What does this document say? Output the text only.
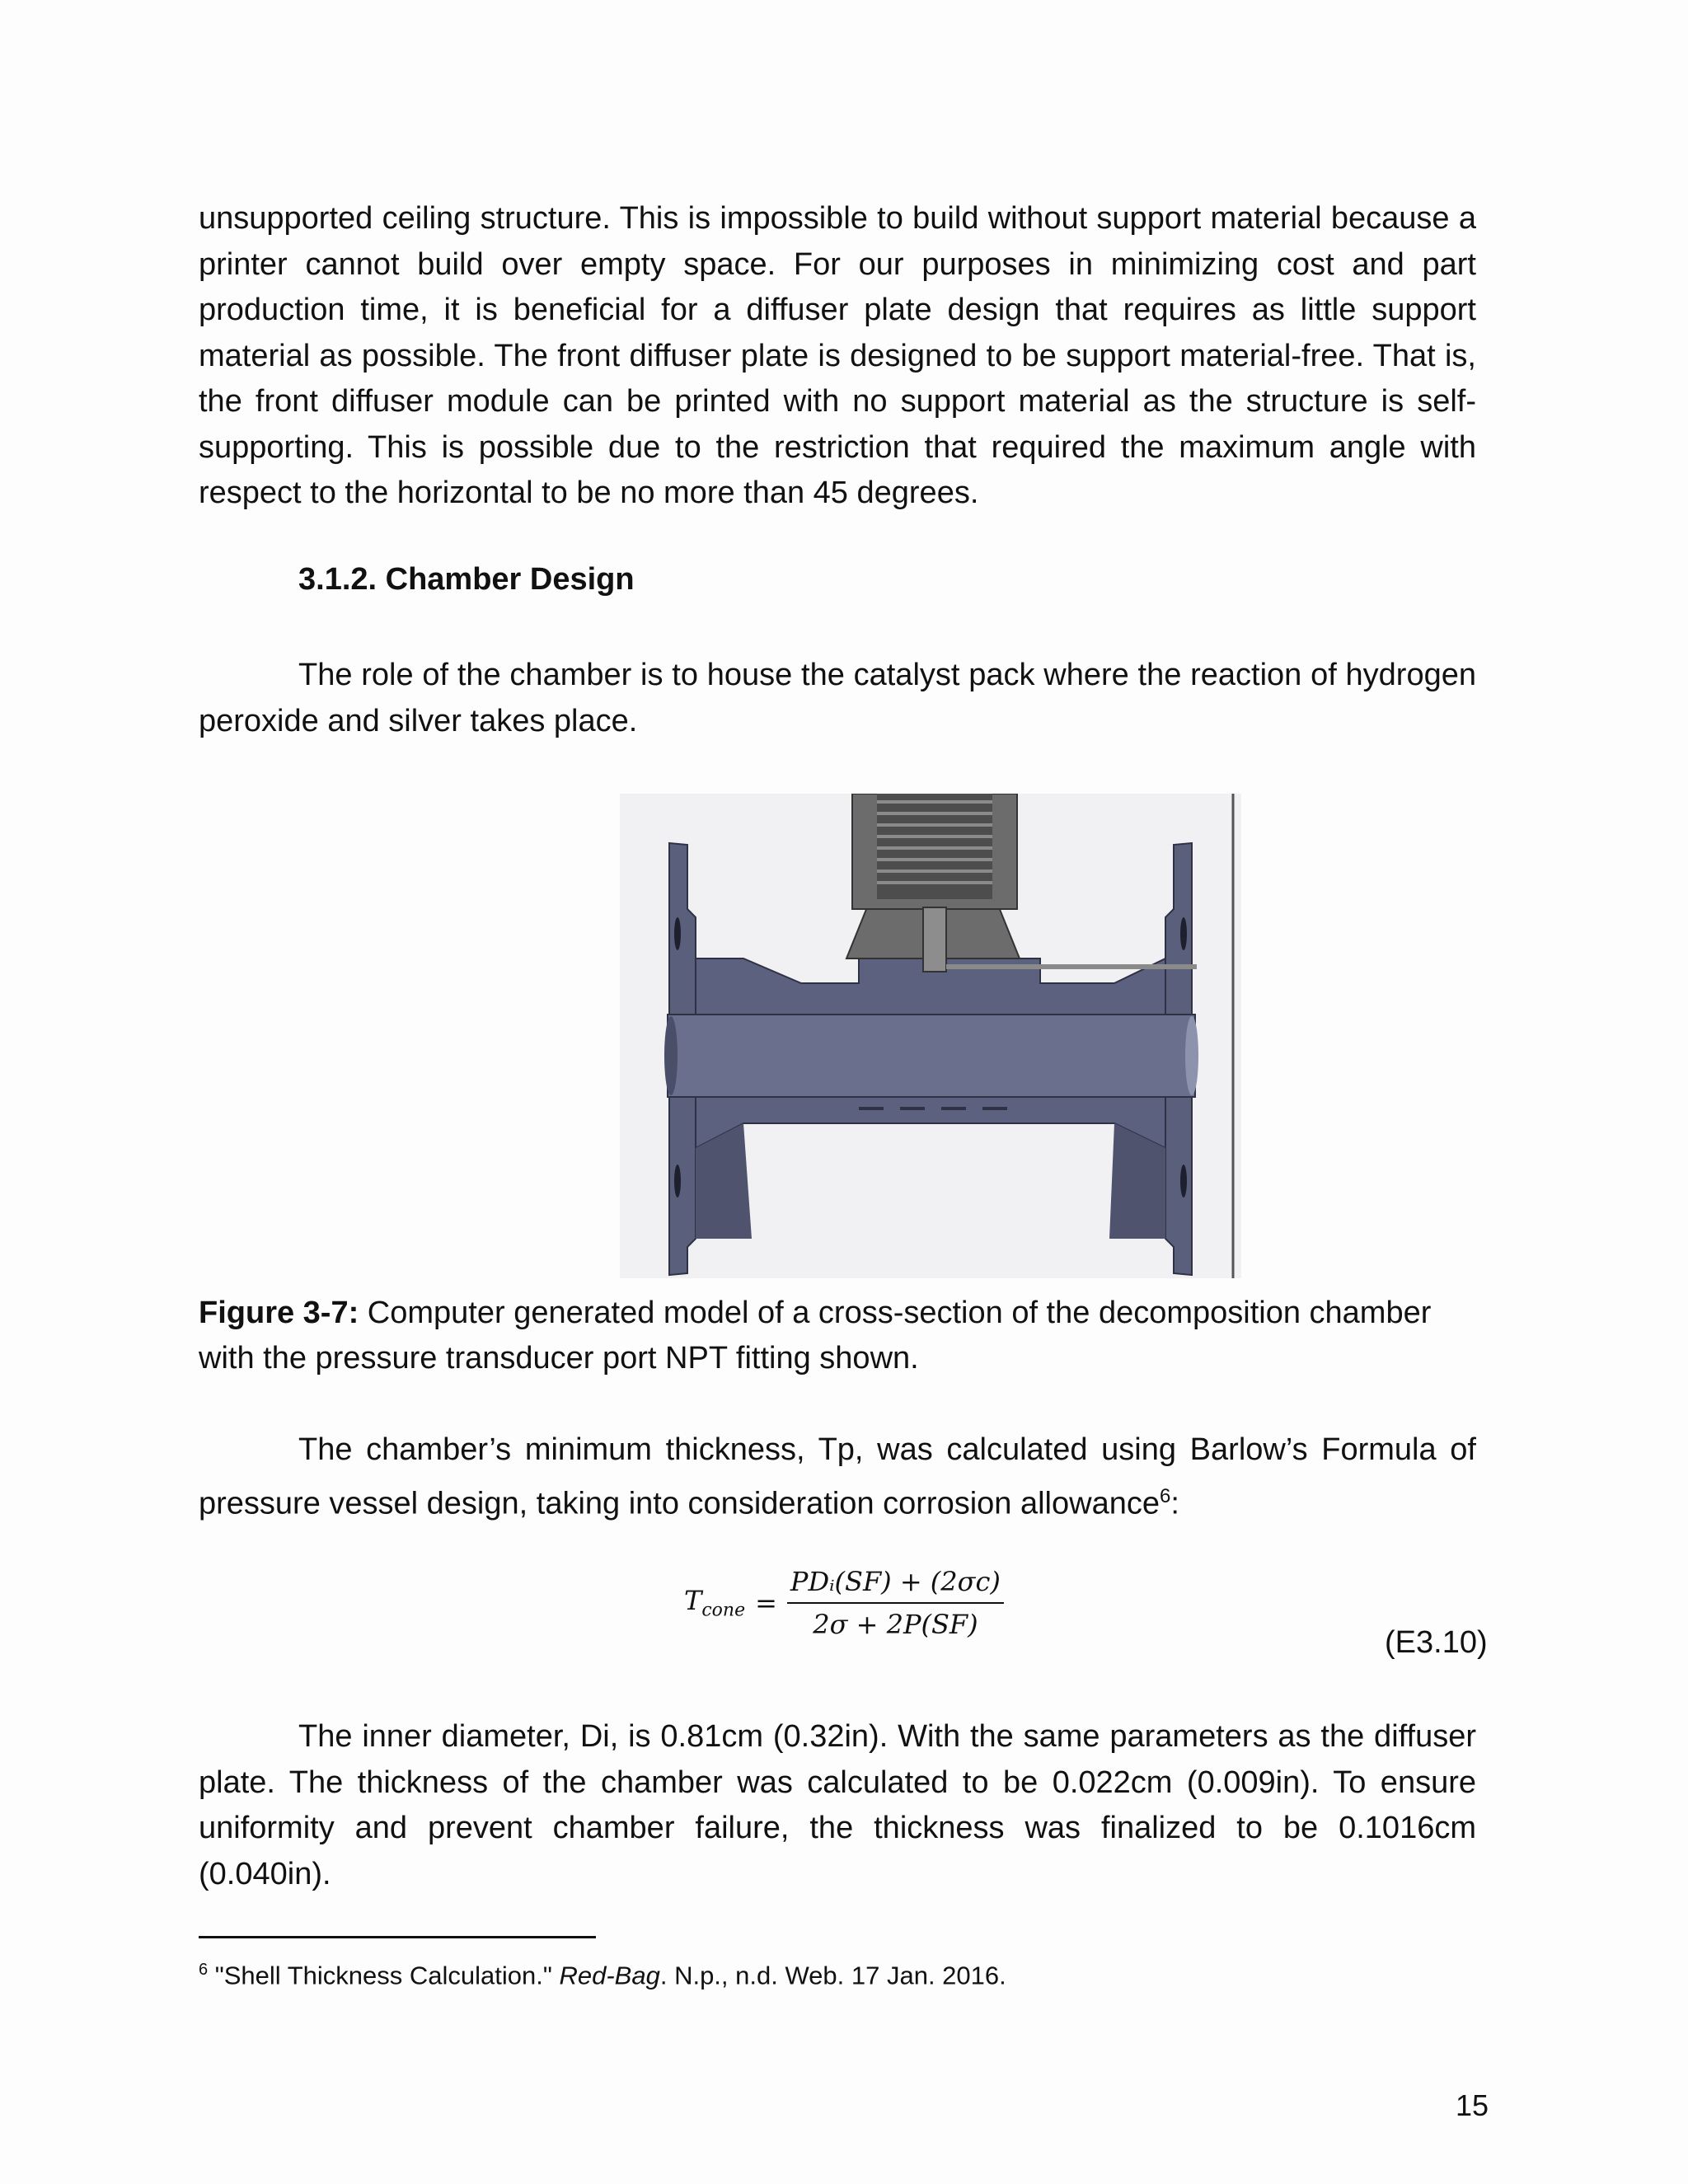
unsupported ceiling structure. This is impossible to build without support material because a printer cannot build over empty space. For our purposes in minimizing cost and part production time, it is beneficial for a diffuser plate design that requires as little support material as possible. The front diffuser plate is designed to be support material-free. That is, the front diffuser module can be printed with no support material as the structure is self-supporting. This is possible due to the restriction that required the maximum angle with respect to the horizontal to be no more than 45 degrees.

3.1.2. Chamber Design

The role of the chamber is to house the catalyst pack where the reaction of hydrogen peroxide and silver takes place.

Figure 3-7: Computer generated model of a cross-section of the decomposition chamber with the pressure transducer port NPT fitting shown.

The chamber’s minimum thickness, Tp, was calculated using Barlow’s Formula of pressure vessel design, taking into consideration corrosion allowance$^6$:

$T_{cone} = \frac{\text{PDᵢ(SF) + (2σc)}}{2\sigma + 2P(SF)}$
(E3.10)

The inner diameter, Di, is 0.81cm (0.32in). With the same parameters as the diffuser plate. The thickness of the chamber was calculated to be 0.022cm (0.009in). To ensure uniformity and prevent chamber failure, the thickness was finalized to be 0.1016cm (0.040in).

$^6$ "Shell Thickness Calculation." Red-Bag. N.p., n.d. Web. 17 Jan. 2016.

15
